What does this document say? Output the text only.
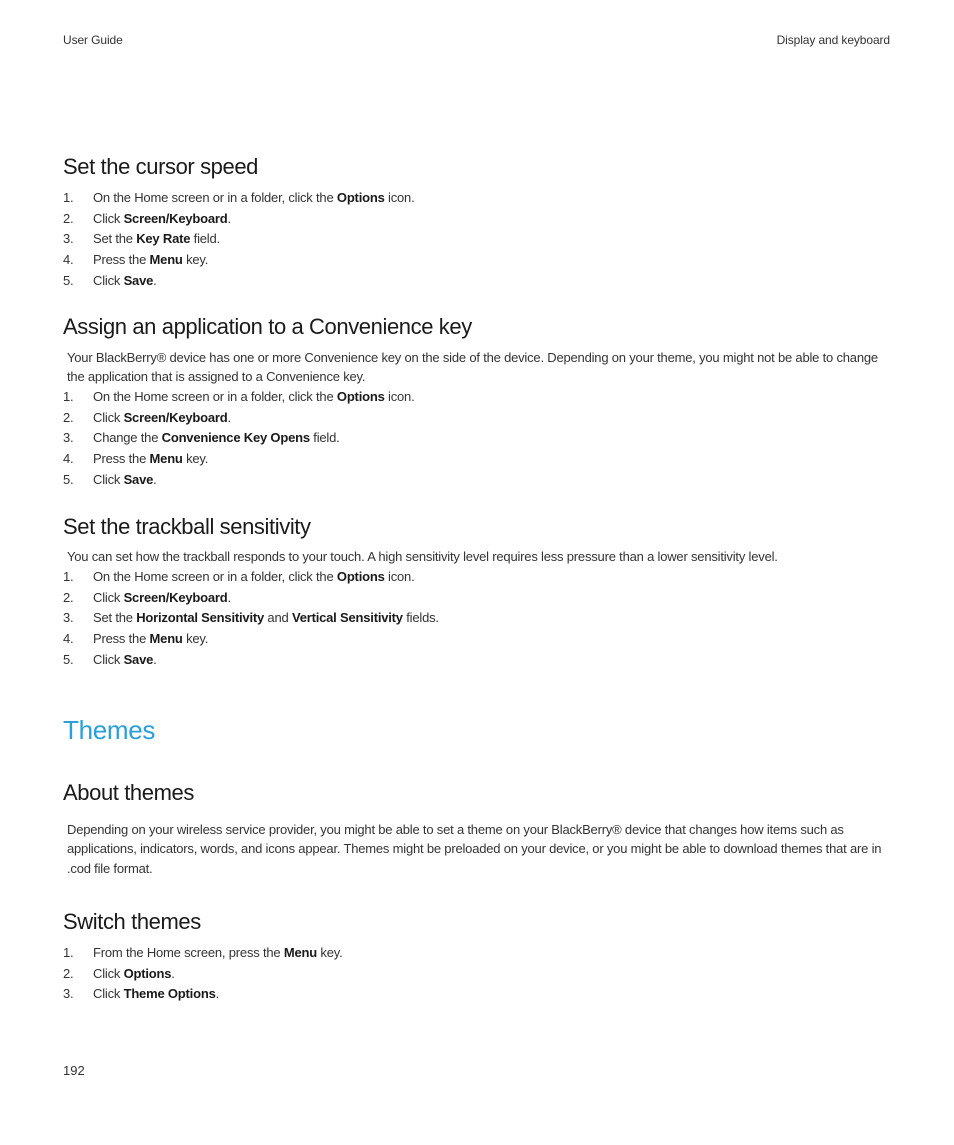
User Guide	Display and keyboard
Set the cursor speed
1. On the Home screen or in a folder, click the Options icon.
2. Click Screen/Keyboard.
3. Set the Key Rate field.
4. Press the Menu key.
5. Click Save.
Assign an application to a Convenience key

Your BlackBerry® device has one or more Convenience key on the side of the device. Depending on your theme, you might not be able to change the application that is assigned to a Convenience key.

1. On the Home screen or in a folder, click the Options icon.
2. Click Screen/Keyboard.
3. Change the Convenience Key Opens field.
4. Press the Menu key.
5. Click Save.
Set the trackball sensitivity

You can set how the trackball responds to your touch. A high sensitivity level requires less pressure than a lower sensitivity level.

1. On the Home screen or in a folder, click the Options icon.
2. Click Screen/Keyboard.
3. Set the Horizontal Sensitivity and Vertical Sensitivity fields.
4. Press the Menu key.
5. Click Save.
Themes
About themes

Depending on your wireless service provider, you might be able to set a theme on your BlackBerry® device that changes how items such as applications, indicators, words, and icons appear. Themes might be preloaded on your device, or you might be able to download themes that are in .cod file format.

Switch themes
1. From the Home screen, press the Menu key.
2. Click Options.
3. Click Theme Options.
192
